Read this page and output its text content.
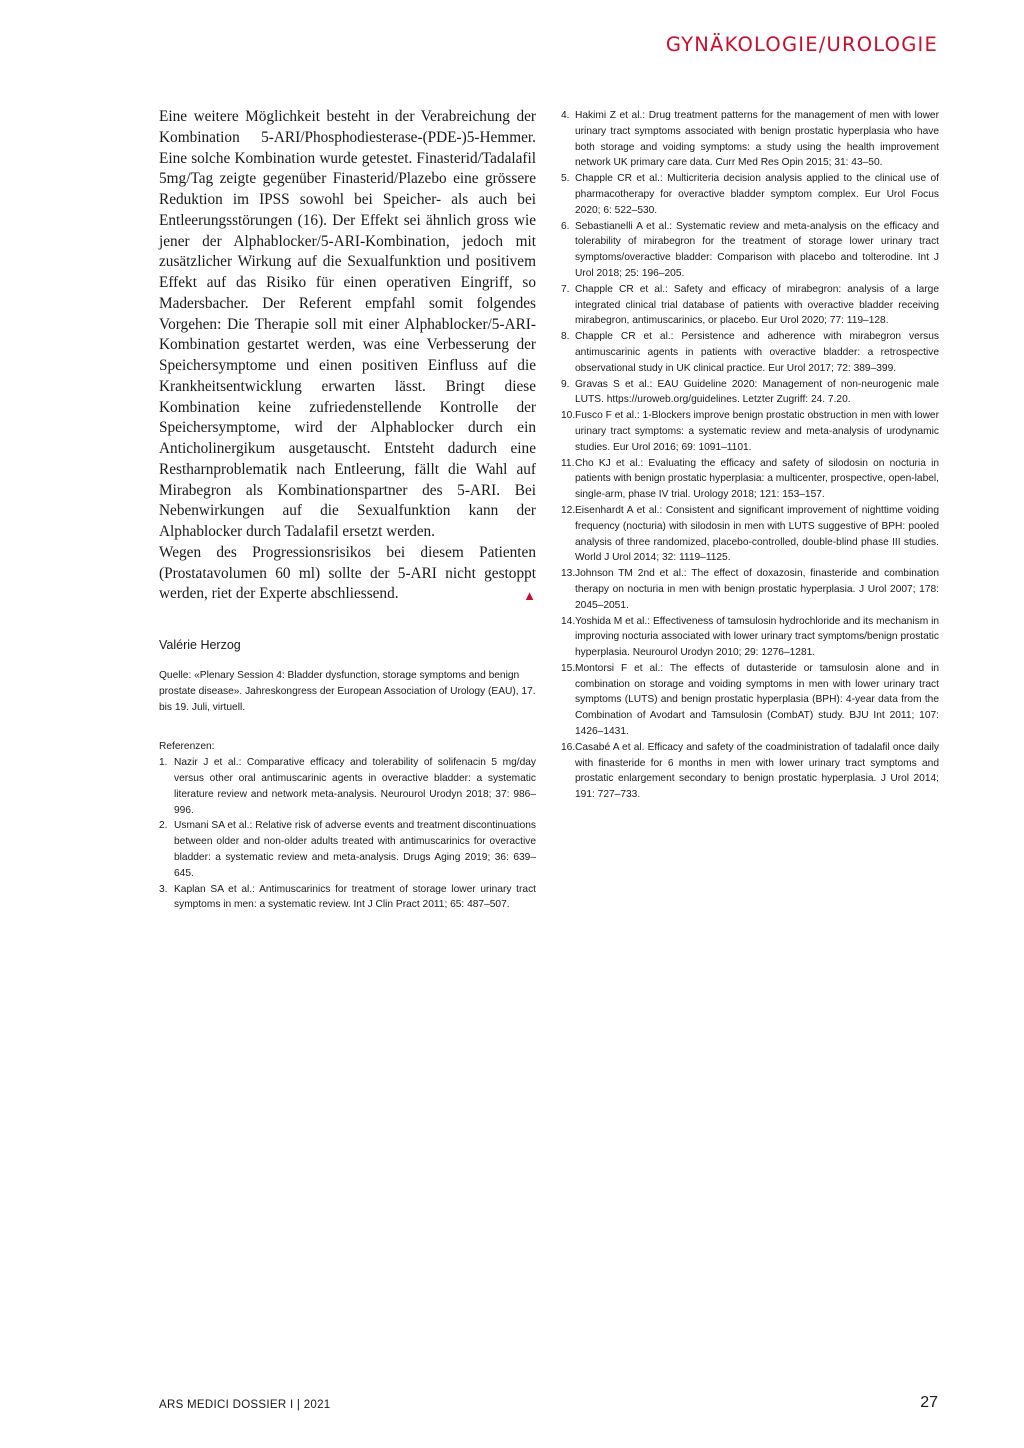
GYNÄKOLOGIE/UROLOGIE

Eine weitere Möglichkeit besteht in der Verabreichung der Kombination 5-ARI/Phosphodiesterase-(PDE-)5-Hemmer. Eine solche Kombination wurde getestet. Finasterid/Tadalafil 5mg/Tag zeigte gegenüber Finasterid/Plazebo eine grössere Reduktion im IPSS sowohl bei Speicher- als auch bei Entleerungsstörungen (16). Der Effekt sei ähnlich gross wie jener der Alphablocker/5-ARI-Kombination, jedoch mit zusätzlicher Wirkung auf die Sexualfunktion und positivem Effekt auf das Risiko für einen operativen Eingriff, so Madersbacher. Der Referent empfahl somit folgendes Vorgehen: Die Therapie soll mit einer Alphablocker/5-ARI-Kombination gestartet werden, was eine Verbesserung der Speichersymptome und einen positiven Einfluss auf die Krankheitsentwicklung erwarten lässt. Bringt diese Kombination keine zufriedenstellende Kontrolle der Speichersymptome, wird der Alphablocker durch ein Anticholinergikum ausgetauscht. Entsteht dadurch eine Restharnproblematik nach Entleerung, fällt die Wahl auf Mirabegron als Kombinationspartner des 5-ARI. Bei Nebenwirkungen auf die Sexualfunktion kann der Alphablocker durch Tadalafil ersetzt werden.

Wegen des Progressionsrisikos bei diesem Patienten (Prostatavolumen 60 ml) sollte der 5-ARI nicht gestoppt werden, riet der Experte abschliessend.	▲

Valérie Herzog
Quelle: «Plenary Session 4: Bladder dysfunction, storage symptoms and benign prostate disease». Jahreskongress der European Association of Urology (EAU), 17. bis 19. Juli, virtuell.
Referenzen:
1. Nazir J et al.: Comparative efficacy and tolerability of solifenacin 5 mg/day versus other oral antimuscarinic agents in overactive bladder: a systematic literature review and network meta-analysis. Neurourol Urodyn 2018; 37: 986–996.
2. Usmani SA et al.: Relative risk of adverse events and treatment discontinuations between older and non-older adults treated with antimuscarinics for overactive bladder: a systematic review and meta-analysis. Drugs Aging 2019; 36: 639–645.
3. Kaplan SA et al.: Antimuscarinics for treatment of storage lower urinary tract symptoms in men: a systematic review. Int J Clin Pract 2011; 65: 487–507.
4. Hakimi Z et al.: Drug treatment patterns for the management of men with lower urinary tract symptoms associated with benign prostatic hyperplasia who have both storage and voiding symptoms: a study using the health improvement network UK primary care data. Curr Med Res Opin 2015; 31: 43–50.
5. Chapple CR et al.: Multicriteria decision analysis applied to the clinical use of pharmacotherapy for overactive bladder symptom complex. Eur Urol Focus 2020; 6: 522–530.
6. Sebastianelli A et al.: Systematic review and meta-analysis on the efficacy and tolerability of mirabegron for the treatment of storage lower urinary tract symptoms/overactive bladder: Comparison with placebo and tolterodine. Int J Urol 2018; 25: 196–205.
7. Chapple CR et al.: Safety and efficacy of mirabegron: analysis of a large integrated clinical trial database of patients with overactive bladder receiving mirabegron, antimuscarinics, or placebo. Eur Urol 2020; 77: 119–128.
8. Chapple CR et al.: Persistence and adherence with mirabegron versus antimuscarinic agents in patients with overactive bladder: a retrospective observational study in UK clinical practice. Eur Urol 2017; 72: 389–399.
9. Gravas S et al.: EAU Guideline 2020: Management of non-neurogenic male LUTS. https://uroweb.org/guidelines. Letzter Zugriff: 24. 7.20.
10. Fusco F et al.: 1-Blockers improve benign prostatic obstruction in men with lower urinary tract symptoms: a systematic review and meta-analysis of urodynamic studies. Eur Urol 2016; 69: 1091–1101.
11. Cho KJ et al.: Evaluating the efficacy and safety of silodosin on nocturia in patients with benign prostatic hyperplasia: a multicenter, prospective, open-label, single-arm, phase IV trial. Urology 2018; 121: 153–157.
12. Eisenhardt A et al.: Consistent and significant improvement of nighttime voiding frequency (nocturia) with silodosin in men with LUTS suggestive of BPH: pooled analysis of three randomized, placebo-controlled, double-blind phase III studies. World J Urol 2014; 32: 1119–1125.
13. Johnson TM 2nd et al.: The effect of doxazosin, finasteride and combination therapy on nocturia in men with benign prostatic hyperplasia. J Urol 2007; 178: 2045–2051.
14. Yoshida M et al.: Effectiveness of tamsulosin hydrochloride and its mechanism in improving nocturia associated with lower urinary tract symptoms/benign prostatic hyperplasia. Neurourol Urodyn 2010; 29: 1276–1281.
15. Montorsi F et al.: The effects of dutasteride or tamsulosin alone and in combination on storage and voiding symptoms in men with lower urinary tract symptoms (LUTS) and benign prostatic hyperplasia (BPH): 4-year data from the Combination of Avodart and Tamsulosin (CombAT) study. BJU Int 2011; 107: 1426–1431.
16. Casabé A et al. Efficacy and safety of the coadministration of tadalafil once daily with finasteride for 6 months in men with lower urinary tract symptoms and prostatic enlargement secondary to benign prostatic hyperplasia. J Urol 2014; 191: 727–733.
ARS MEDICI DOSSIER I | 2021	27
